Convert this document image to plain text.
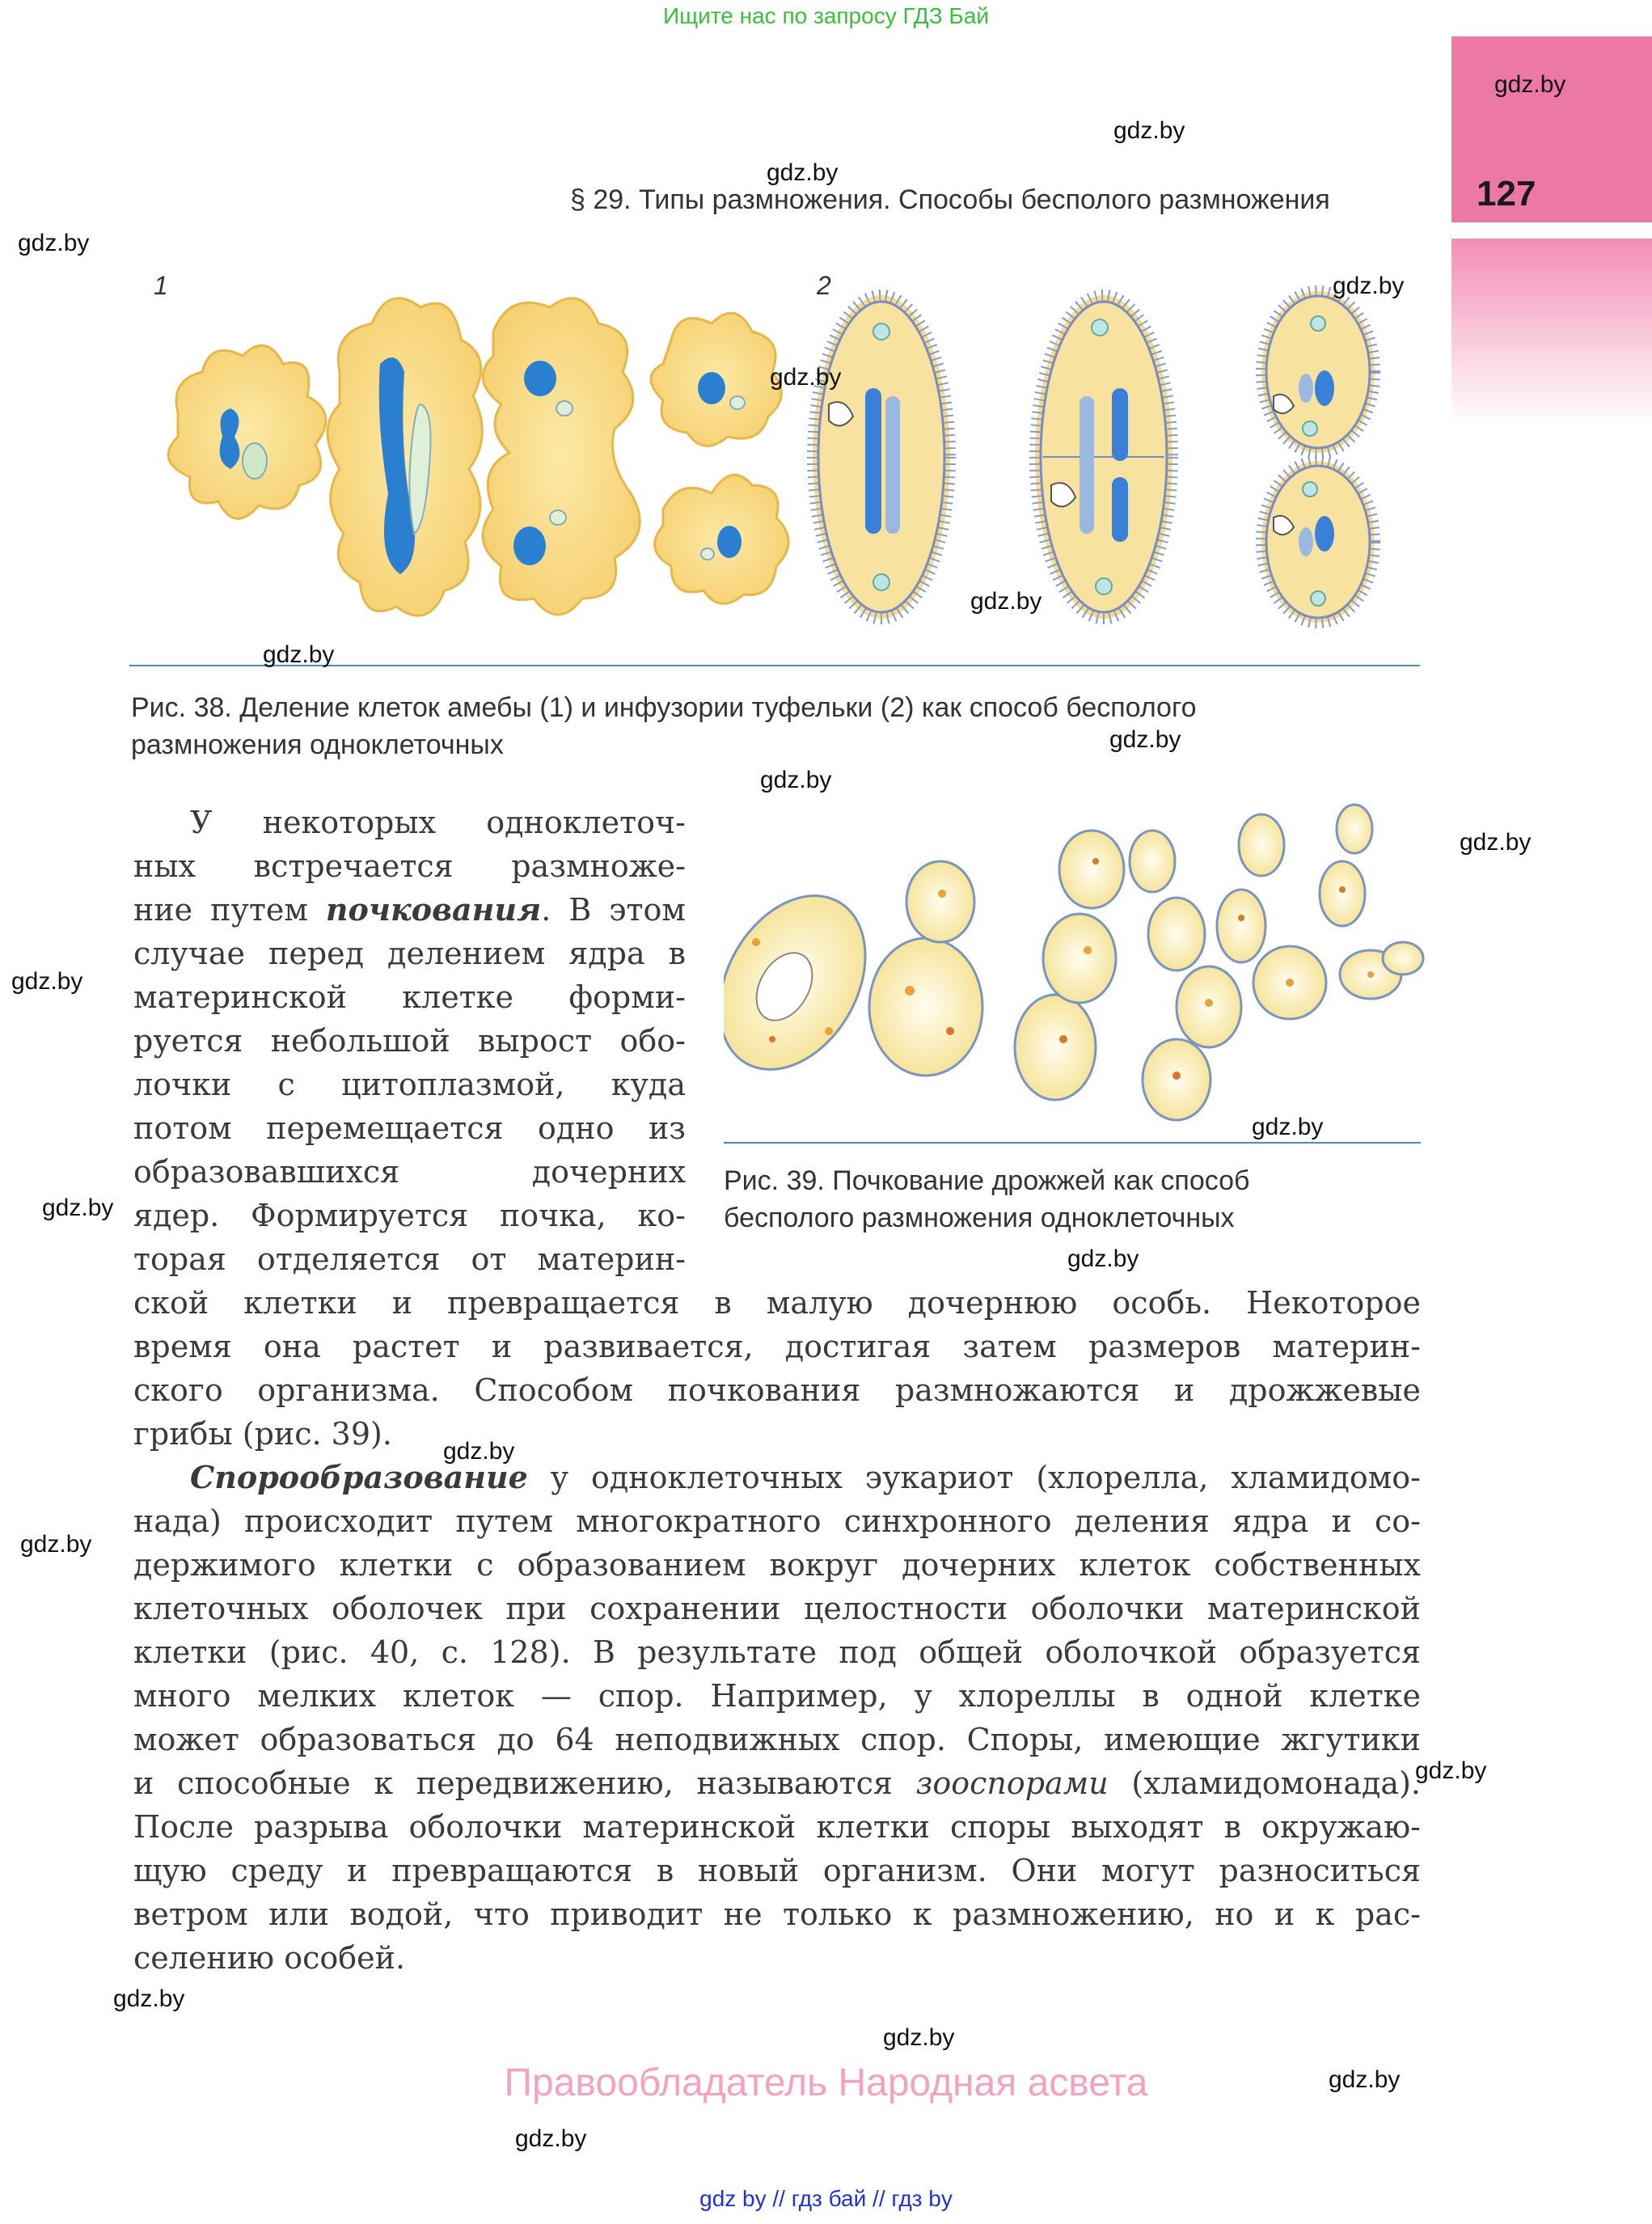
Ищите нас по запросу ГДЗ Бай
127
§ 29. Типы размножения. Способы бесполого размножения
1	2
Рис. 38. Деление клеток амебы (1) и инфузории туфельки (2) как способ бесполого
размножения одноклеточных
Рис. 39. Почкование дрожжей как способ
бесполого размножения одноклеточных
У некоторых одноклеточ-
ных встречается размноже-
ние путем почкования. В этом
случае перед делением ядра в
материнской клетке форми-
руется небольшой вырост обо-
лочки с цитоплазмой, куда
потом перемещается одно из
образовавшихся дочерних
ядер. Формируется почка, ко-
торая отделяется от материн-
ской клетки и превращается в малую дочернюю особь. Некоторое
время она растет и развивается, достигая затем размеров материн-
ского организма. Способом почкования размножаются и дрожжевые
грибы (рис. 39).
Спорообразование у одноклеточных эукариот (хлорелла, хламидомо-
нада) происходит путем многократного синхронного деления ядра и со-
держимого клетки с образованием вокруг дочерних клеток собственных
клеточных оболочек при сохранении целостности оболочки материнской
клетки (рис. 40, с. 128). В результате под общей оболочкой образуется
много мелких клеток — спор. Например, у хлореллы в одной клетке
может образоваться до 64 неподвижных спор. Споры, имеющие жгутики
и способные к передвижению, называются зооспорами (хламидомонада).
После разрыва оболочки материнской клетки споры выходят в окружаю-
щую среду и превращаются в новый организм. Они могут разноситься
ветром или водой, что приводит не только к размножению, но и к рас-
селению особей.
gdz.by
gdz.by
gdz.by
gdz.by
gdz.by
gdz.by
gdz.by
gdz.by
gdz.by
gdz.by
gdz.by
gdz.by
gdz.by
gdz.by
gdz.by
gdz.by
gdz.by
gdz.by
gdz.by
gdz.by
gdz.by
gdz.by
Правообладатель Народная асвета
gdz by // гдз бай // гдз by
